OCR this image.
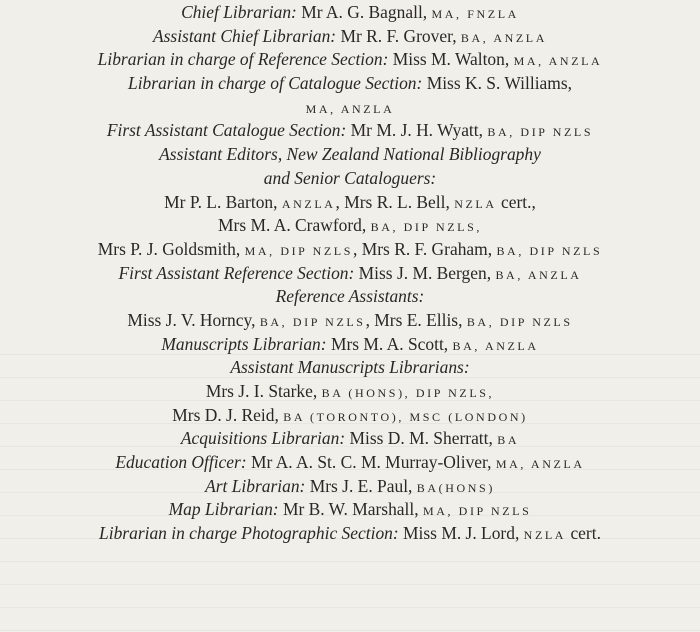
Chief Librarian: Mr A. G. Bagnall, MA, FNZLA
Assistant Chief Librarian: Mr R. F. Grover, BA, ANZLA
Librarian in charge of Reference Section: Miss M. Walton, MA, ANZLA
Librarian in charge of Catalogue Section: Miss K. S. Williams,
MA, ANZLA
First Assistant Catalogue Section: Mr M. J. H. Wyatt, BA, DIP NZLS
Assistant Editors, New Zealand National Bibliography
and Senior Cataloguers:
Mr P. L. Barton, ANZLA, Mrs R. L. Bell, NZLA cert.,
Mrs M. A. Crawford, BA, DIP NZLS,
Mrs P. J. Goldsmith, MA, DIP NZLS, Mrs R. F. Graham, BA, DIP NZLS
First Assistant Reference Section: Miss J. M. Bergen, BA, ANZLA
Reference Assistants:
Miss J. V. Horncy, BA, DIP NZLS, Mrs E. Ellis, BA, DIP NZLS
Manuscripts Librarian: Mrs M. A. Scott, BA, ANZLA
Assistant Manuscripts Librarians:
Mrs J. I. Starke, BA (HONS), DIP NZLS,
Mrs D. J. Reid, BA (TORONTO), MSC (LONDON)
Acquisitions Librarian: Miss D. M. Sherratt, BA
Education Officer: Mr A. A. St. C. M. Murray-Oliver, MA, ANZLA
Art Librarian: Mrs J. E. Paul, BA(HONS)
Map Librarian: Mr B. W. Marshall, MA, DIP NZLS
Librarian in charge Photographic Section: Miss M. J. Lord, NZLA cert.
